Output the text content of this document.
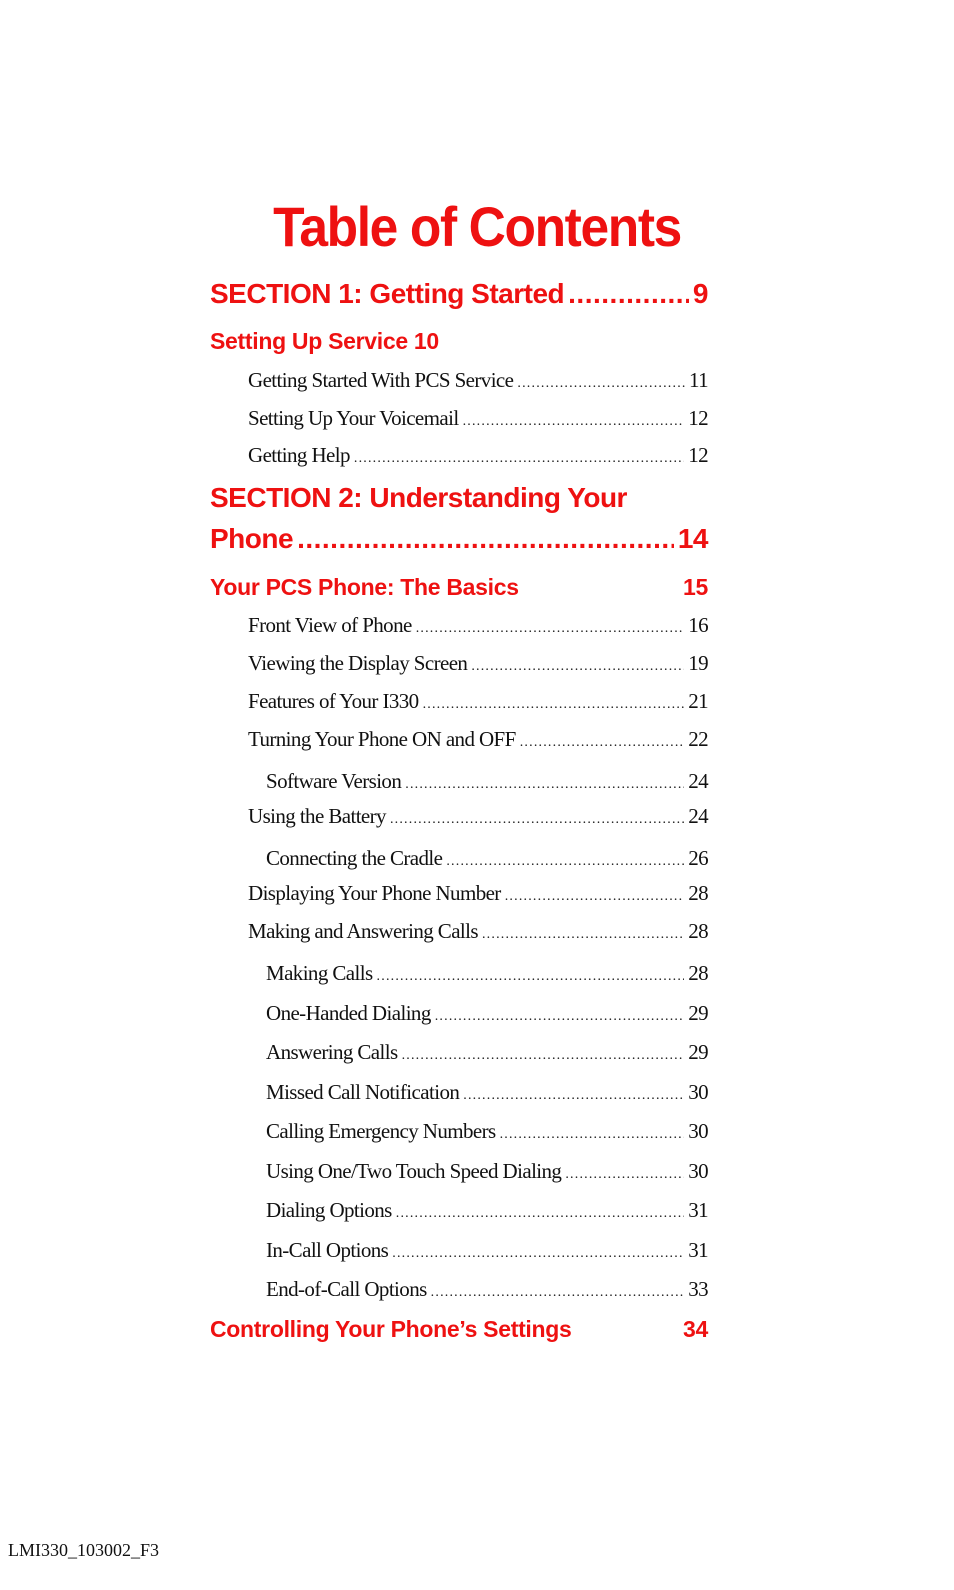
Table of Contents
SECTION 1: Getting Started .....	9
Setting Up Service 10
Getting Started With PCS Service .....	11
Setting Up Your Voicemail .....	12
Getting Help .....	12
SECTION 2: Understanding Your
Phone .....	14
Your PCS Phone: The Basics	15
Front View of Phone .....	16
Viewing the Display Screen .....	19
Features of Your I330 .....	21
Turning Your Phone ON and OFF .....	22
Software Version .....	24
Using the Battery .....	24
Connecting the Cradle .....	26
Displaying Your Phone Number .....	28
Making and Answering Calls .....	28
Making Calls .....	28
One-Handed Dialing .....	29
Answering Calls .....	29
Missed Call Notification .....	30
Calling Emergency Numbers .....	30
Using One/Two Touch Speed Dialing .....	30
Dialing Options .....	31
In-Call Options .....	31
End-of-Call Options .....	33
Controlling Your Phone’s Settings	34
LMI330_103002_F3
